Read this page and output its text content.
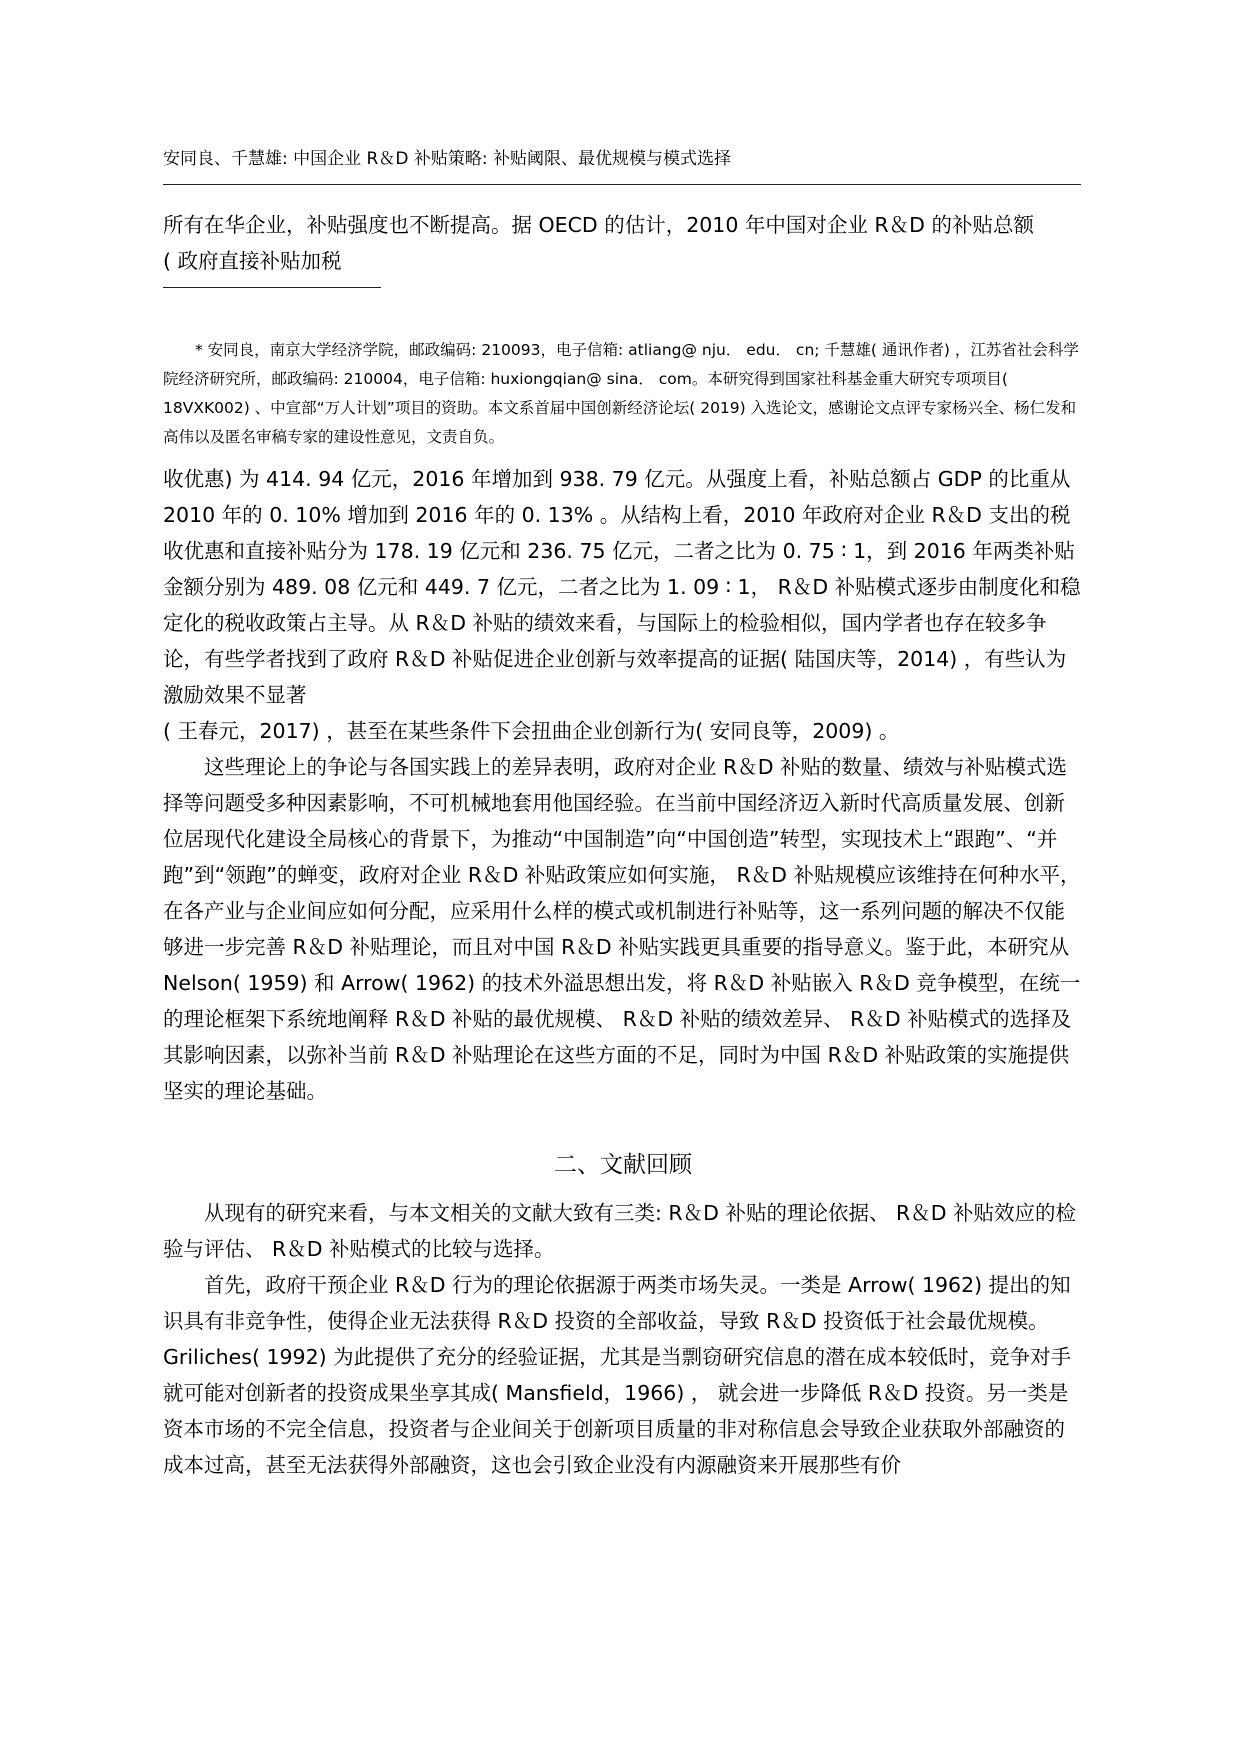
安同良、千慧雄: 中国企业 R＆D 补贴策略: 补贴阈限、最优规模与模式选择

所有在华企业，补贴强度也不断提高。据 OECD 的估计，2010 年中国对企业 R＆D 的补贴总额

( 政府直接补贴加税

* 安同良，南京大学经济学院，邮政编码: 210093，电子信箱: atliang@ nju． edu． cn; 千慧雄( 通讯作者) ，江苏省社会科学院经济研究所，邮政编码: 210004，电子信箱: huxiongqian@ sina． com。本研究得到国家社科基金重大研究专项项目( 18VXK002) 、中宣部“万人计划”项目的资助。本文系首届中国创新经济论坛( 2019) 入选论文，感谢论文点评专家杨兴全、杨仁发和高伟以及匿名审稿专家的建设性意见，文责自负。

收优惠) 为 414. 94 亿元，2016 年增加到 938. 79 亿元。从强度上看，补贴总额占 GDP 的比重从 2010 年的 0. 10% 增加到 2016 年的 0. 13% 。从结构上看，2010 年政府对企业 R＆D 支出的税收优惠和直接补贴分为 178. 19 亿元和 236. 75 亿元，二者之比为 0. 75 ∶ 1，到 2016 年两类补贴金额分别为 489. 08 亿元和 449. 7 亿元，二者之比为 1. 09 ∶ 1， R＆D 补贴模式逐步由制度化和稳定化的税收政策占主导。从 R＆D 补贴的绩效来看，与国际上的检验相似，国内学者也存在较多争论，有些学者找到了政府 R＆D 补贴促进企业创新与效率提高的证据( 陆国庆等，2014) ，有些认为激励效果不显著

( 王春元，2017) ，甚至在某些条件下会扭曲企业创新行为( 安同良等，2009) 。

这些理论上的争论与各国实践上的差异表明，政府对企业 R＆D 补贴的数量、绩效与补贴模式选择等问题受多种因素影响，不可机械地套用他国经验。在当前中国经济迈入新时代高质量发展、创新位居现代化建设全局核心的背景下，为推动“中国制造”向“中国创造”转型，实现技术上“跟跑”、“并跑”到“领跑”的蝉变，政府对企业 R＆D 补贴政策应如何实施， R＆D 补贴规模应该维持在何种水平，在各产业与企业间应如何分配，应采用什么样的模式或机制进行补贴等，这一系列问题的解决不仅能够进一步完善 R＆D 补贴理论，而且对中国 R＆D 补贴实践更具重要的指导意义。鉴于此，本研究从 Nelson( 1959) 和 Arrow( 1962) 的技术外溢思想出发，将 R＆D 补贴嵌入 R＆D 竞争模型，在统一的理论框架下系统地阐释 R＆D 补贴的最优规模、 R＆D 补贴的绩效差异、 R＆D 补贴模式的选择及其影响因素，以弥补当前 R＆D 补贴理论在这些方面的不足，同时为中国 R＆D 补贴政策的实施提供坚实的理论基础。

二、文献回顾

从现有的研究来看，与本文相关的文献大致有三类: R＆D 补贴的理论依据、 R＆D 补贴效应的检验与评估、 R＆D 补贴模式的比较与选择。

首先，政府干预企业 R＆D 行为的理论依据源于两类市场失灵。一类是 Arrow( 1962) 提出的知识具有非竞争性，使得企业无法获得 R＆D 投资的全部收益，导致 R＆D 投资低于社会最优规模。

Griliches( 1992) 为此提供了充分的经验证据，尤其是当剽窃研究信息的潜在成本较低时，竞争对手就可能对创新者的投资成果坐享其成( Mansfield，1966) ， 就会进一步降低 R＆D 投资。另一类是资本市场的不完全信息，投资者与企业间关于创新项目质量的非对称信息会导致企业获取外部融资的成本过高，甚至无法获得外部融资，这也会引致企业没有内源融资来开展那些有价
